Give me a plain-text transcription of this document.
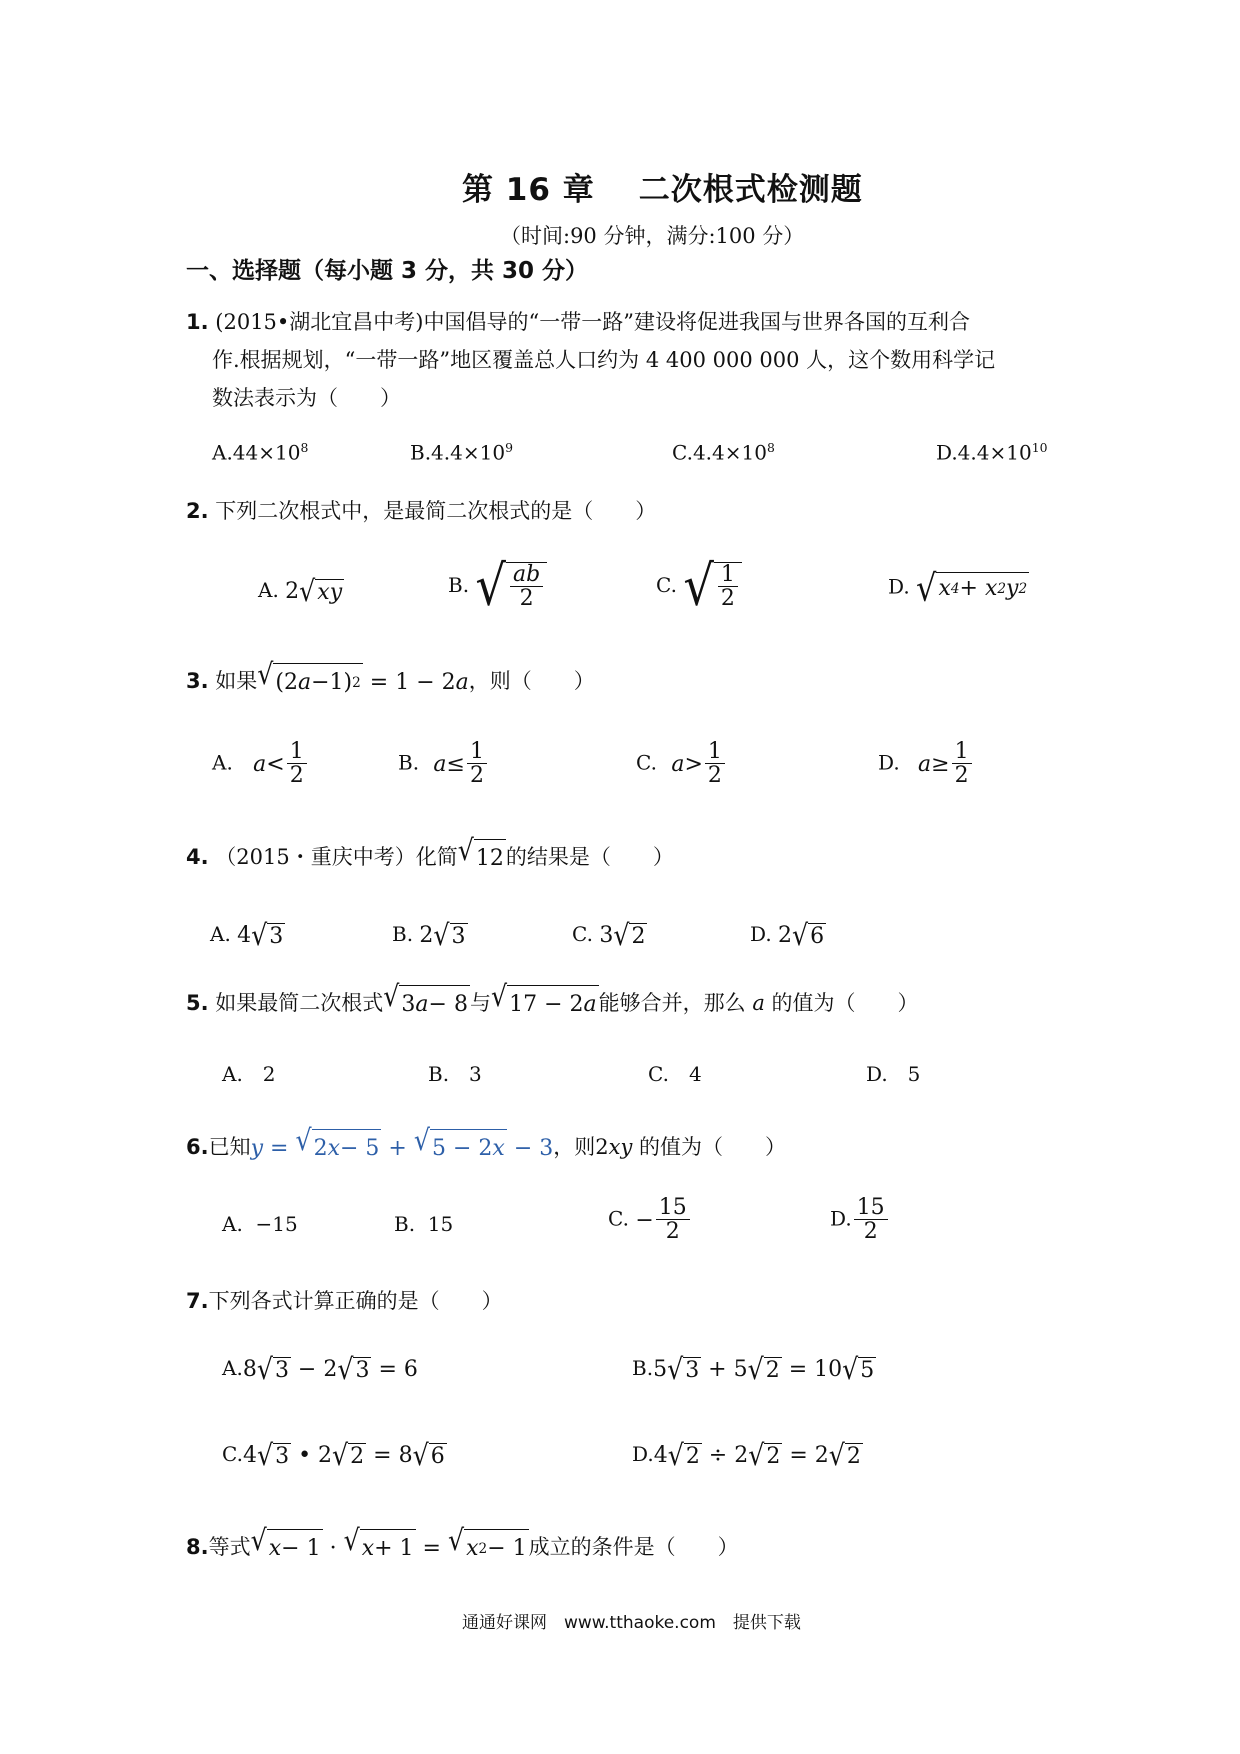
第 16 章 二次根式检测题
（时间:90 分钟，满分:100 分）
一、选择题（每小题 3 分，共 30 分）
1. (2015•湖北宜昌中考)中国倡导的“一带一路”建设将促进我国与世界各国的互利合
作.根据规划，“一带一路”地区覆盖总人口约为 4 400 000 000 人，这个数用科学记
数法表示为（　　）
$A.44\times 10^8$	$B.4.4\times 10^9$	$C.4.4\times 10^8$	$D.4.4\times 10^{10}$
2. 下列二次根式中，是最简二次根式的是（　　）
A. 2 √ xy	B. √ $\frac{ab}{2}$	C. √ $\frac{1}{2}$	D. √ x 4 + x 2 y 2
3. 如果 √ (2 a −1) 2 = 1 − 2 a ，则（　　）
A. $a < \frac{1}{2}$	B. $a \le \frac{1}{2}$	C. $a > \frac{1}{2}$	D. $a \ge \frac{1}{2}$
4. （2015・重庆中考）化简 √ 12 的结果是（　　）
A. 4 √ 3	B. 2 √ 3	C. 3 √ 2	D. 2 √ 6
5. 如果最简二次根式 √ 3 a − 8 与 √ 17 − 2 a 能够合并，那么 a 的值为（　　）
A.　2	B.　3	C.　4	D.　5
6.已知 y = √ 2 x − 5 + √ 5 − 2 x − 3，则2xy 的值为（　　）
A.  −15	B.  15	C. − $\frac{15}{2}$	D. $\frac{15}{2}$
7.下列各式计算正确的是（　　）
A.8 √ 3 − 2 √ 3 = 6	B.5 √ 3 + 5 √ 2 = 10 √ 5
C.4 √ 3 • 2 √ 2 = 8 √ 6	D.4 √ 2 ÷ 2 √ 2 = 2 √ 2
8.等式 √ x − 1 · √ x + 1 = √ x 2 − 1 成立的条件是（　　）
通通好课网　www.tthaoke.com　提供下载
